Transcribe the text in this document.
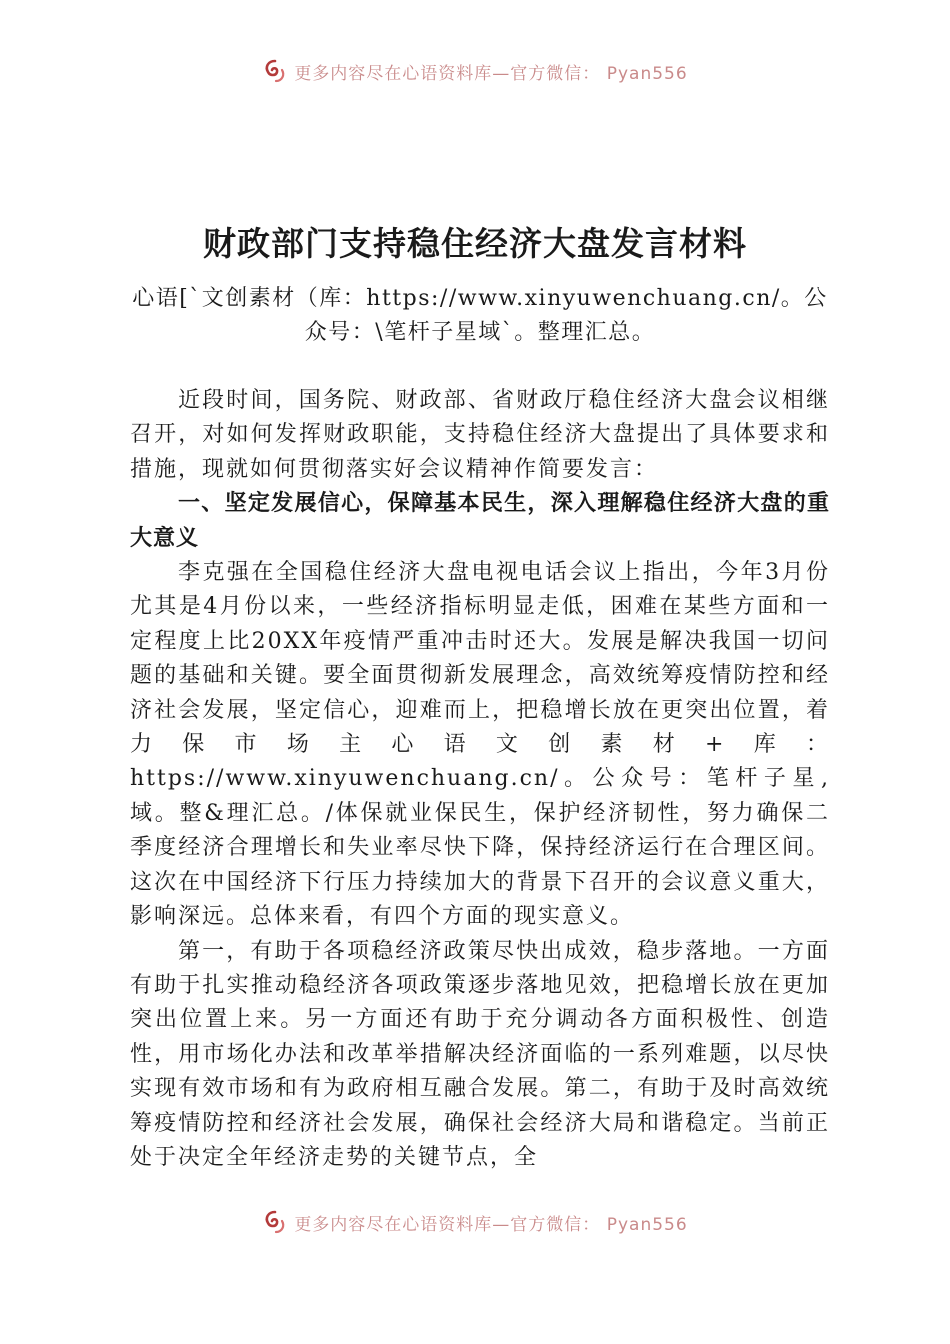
更多内容尽在心语资料库—官方微信： Pyan556
财政部门支持稳住经济大盘发言材料
心语[`文创素材（库：https://www.xinyuwenchuang.cn/。公众号：\笔杆子星域`。整理汇总。

近段时间，国务院、财政部、省财政厅稳住经济大盘会议相继召开，对如何发挥财政职能，支持稳住经济大盘提出了具体要求和措施，现就如何贯彻落实好会议精神作简要发言：

一、坚定发展信心，保障基本民生，深入理解稳住经济大盘的重大意义

李克强在全国稳住经济大盘电视电话会议上指出，今年3月份尤其是4月份以来，一些经济指标明显走低，困难在某些方面和一定程度上比20XX年疫情严重冲击时还大。发展是解决我国一切问题的基础和关键。要全面贯彻新发展理念，高效统筹疫情防控和经济社会发展，坚定信心，迎难而上，把稳增长放在更突出位置，着力保市场主心语文创素材+库：https://www.xinyuwenchuang.cn/。公众号：笔杆子星,域。整&理汇总。/体保就业保民生，保护经济韧性，努力确保二季度经济合理增长和失业率尽快下降，保持经济运行在合理区间。这次在中国经济下行压力持续加大的背景下召开的会议意义重大，影响深远。总体来看，有四个方面的现实意义。

第一，有助于各项稳经济政策尽快出成效，稳步落地。一方面有助于扎实推动稳经济各项政策逐步落地见效，把稳增长放在更加突出位置上来。另一方面还有助于充分调动各方面积极性、创造性，用市场化办法和改革举措解决经济面临的一系列难题，以尽快实现有效市场和有为政府相互融合发展。第二，有助于及时高效统筹疫情防控和经济社会发展，确保社会经济大局和谐稳定。当前正处于决定全年经济走势的关键节点，全

更多内容尽在心语资料库—官方微信： Pyan556
